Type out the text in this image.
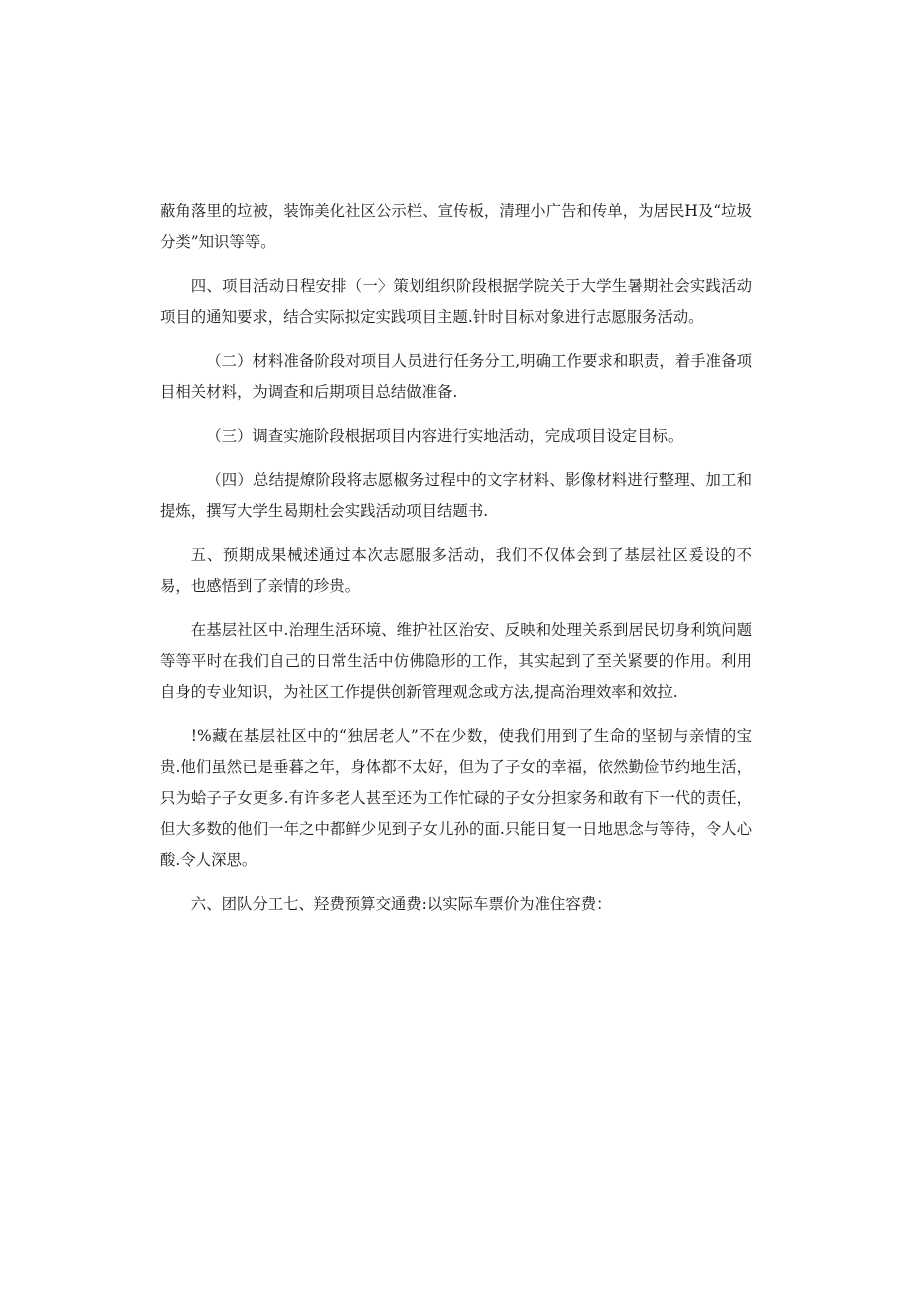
蔽角落里的垃被，装饰美化社区公示栏、宣传板，清理小广告和传单，为居民H及“垃圾分类”知识等等。

四、项目活动日程安排（一〉策划组织阶段根据学院关于大学生暑期社会实践活动项目的通知要求，结合实际拟定实践项目主题.针时目标对象进行志愿服务活动。

（二）材料准备阶段对项目人员进行任务分工,明确工作要求和职责，着手准备项目相关材料，为调查和后期项目总结做准备.

（三）调查实施阶段根据项目内容进行实地活动，完成项目设定目标。

（四）总结提燎阶段将志愿椒务过程中的文字材料、影像材料进行整理、加工和提炼，撰写大学生曷期杜会实践活动项目结题书.

五、预期成果械述通过本次志愿服多活动，我们不仅体会到了基层社区爰设的不易，也感悟到了亲情的珍贵。

在基层社区中.治理生活环境、维护社区治安、反映和处理关系到居民切身利筑问题等等平时在我们自己的日常生活中仿佛隐形的工作，其实起到了至关紧要的作用。利用自身的专业知识，为社区工作提供创新管理观念或方法,提高治理效率和效拉.

!%藏在基层社区中的“独居老人”不在少数，使我们用到了生命的坚韧与亲情的宝贵.他们虽然已是垂暮之年，身体都不太好，但为了子女的幸福，依然勤俭节约地生活，只为蛤子子女更多.有许多老人甚至还为工作忙碌的子女分担家务和敢有下一代的责任，但大多数的他们一年之中都鲜少见到子女儿孙的面.只能日复一日地思念与等待，令人心酸.令人深思。

六、团队分工七、羟费预算交通费:以实际车票价为准住容费：
